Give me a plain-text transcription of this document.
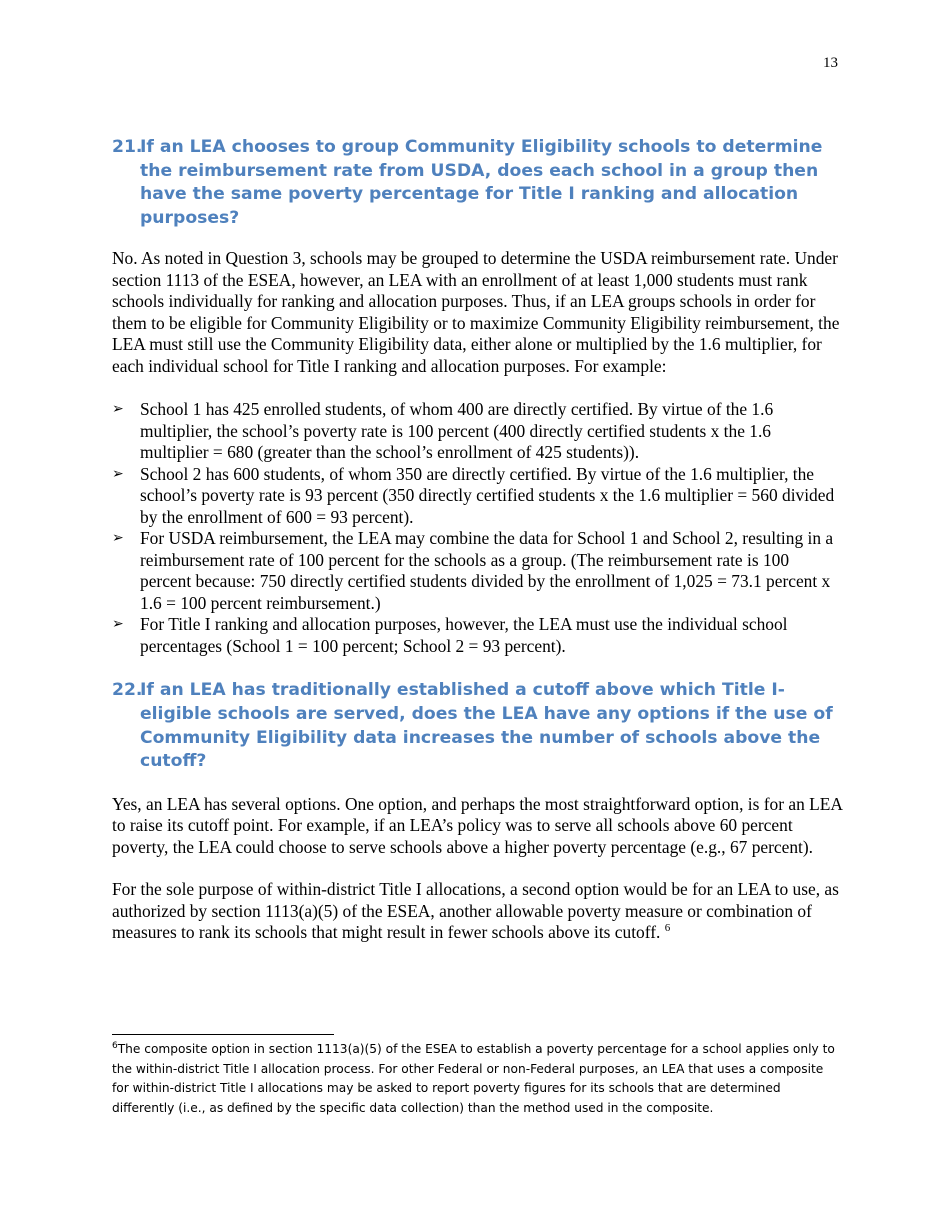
13
21.
If an LEA chooses to group Community Eligibility schools to determine the reimbursement rate from USDA, does each school in a group then have the same poverty percentage for Title I ranking and allocation purposes?

No. As noted in Question 3, schools may be grouped to determine the USDA reimbursement rate. Under section 1113 of the ESEA, however, an LEA with an enrollment of at least 1,000 students must rank schools individually for ranking and allocation purposes. Thus, if an LEA groups schools in order for them to be eligible for Community Eligibility or to maximize Community Eligibility reimbursement, the LEA must still use the Community Eligibility data, either alone or multiplied by the 1.6 multiplier, for each individual school for Title I ranking and allocation purposes. For example:

➢ School 1 has 425 enrolled students, of whom 400 are directly certified. By virtue of the 1.6 multiplier, the school’s poverty rate is 100 percent (400 directly certified students x the 1.6 multiplier = 680 (greater than the school’s enrollment of 425 students)).
➢ School 2 has 600 students, of whom 350 are directly certified. By virtue of the 1.6 multiplier, the school’s poverty rate is 93 percent (350 directly certified students x the 1.6 multiplier = 560 divided by the enrollment of 600 = 93 percent).
➢ For USDA reimbursement, the LEA may combine the data for School 1 and School 2, resulting in a reimbursement rate of 100 percent for the schools as a group. (The reimbursement rate is 100 percent because: 750 directly certified students divided by the enrollment of 1,025 = 73.1 percent x 1.6 = 100 percent reimbursement.)
➢ For Title I ranking and allocation purposes, however, the LEA must use the individual school percentages (School 1 = 100 percent; School 2 = 93 percent).
22.
If an LEA has traditionally established a cutoff above which Title I-eligible schools are served, does the LEA have any options if the use of Community Eligibility data increases the number of schools above the cutoff?

Yes, an LEA has several options. One option, and perhaps the most straightforward option, is for an LEA to raise its cutoff point. For example, if an LEA’s policy was to serve all schools above 60 percent poverty, the LEA could choose to serve schools above a higher poverty percentage (e.g., 67 percent).

For the sole purpose of within-district Title I allocations, a second option would be for an LEA to use, as authorized by section 1113(a)(5) of the ESEA, another allowable poverty measure or combination of measures to rank its schools that might result in fewer schools above its cutoff. $^6$

$^6$The composite option in section 1113(a)(5) of the ESEA to establish a poverty percentage for a school applies only to the within-district Title I allocation process. For other Federal or non-Federal purposes, an LEA that uses a composite for within-district Title I allocations may be asked to report poverty figures for its schools that are determined differently (i.e., as defined by the specific data collection) than the method used in the composite.
